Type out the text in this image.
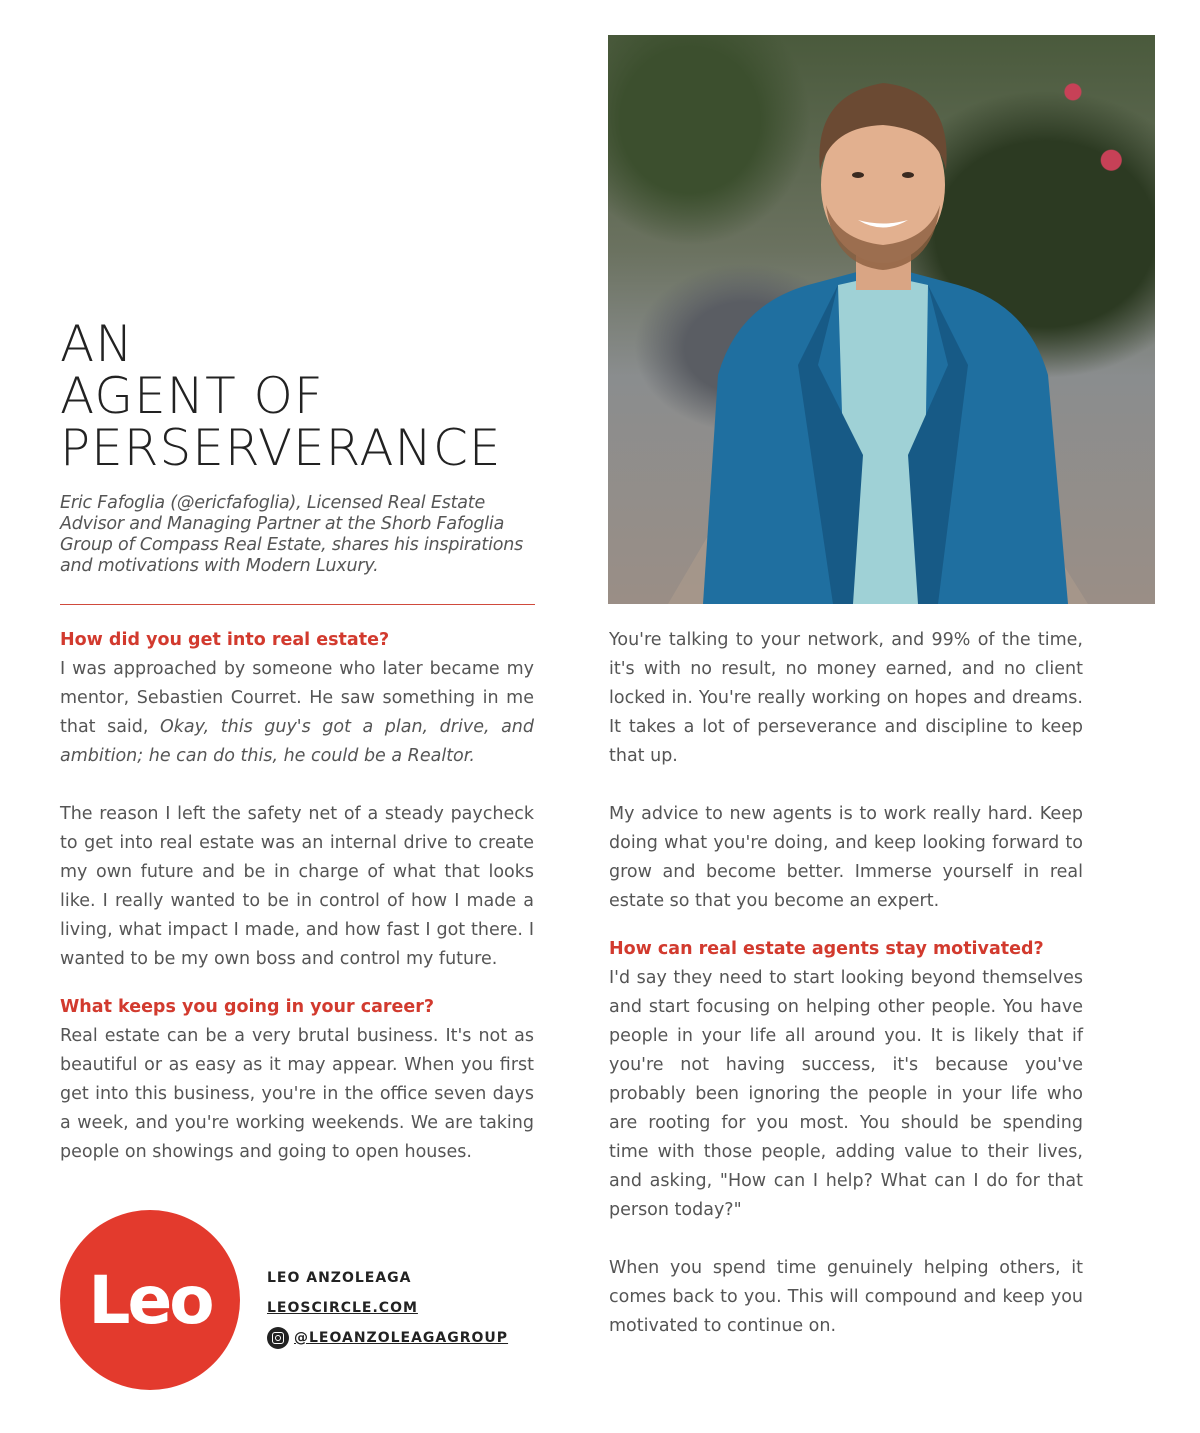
AN
AGENT OF
PERSERVERANCE
Eric Fafoglia (@ericfafoglia), Licensed Real Estate Advisor and Managing Partner at the Shorb Fafoglia Group of Compass Real Estate, shares his inspirations and motivations with Modern Luxury.
How did you get into real estate?

I was approached by someone who later became my mentor, Sebastien Courret. He saw something in me that said, Okay, this guy's got a plan, drive, and ambition; he can do this, he could be a Realtor.

The reason I left the safety net of a steady paycheck to get into real estate was an internal drive to create my own future and be in charge of what that looks like. I really wanted to be in control of how I made a living, what impact I made, and how fast I got there. I wanted to be my own boss and control my future.

What keeps you going in your career?

Real estate can be a very brutal business. It's not as beautiful or as easy as it may appear. When you first get into this business, you're in the office seven days a week, and you're working weekends. We are taking people on showings and going to open houses.

You're talking to your network, and 99% of the time, it's with no result, no money earned, and no client locked in. You're really working on hopes and dreams. It takes a lot of perseverance and discipline to keep that up.

My advice to new agents is to work really hard. Keep doing what you're doing, and keep looking forward to grow and become better. Immerse yourself in real estate so that you become an expert.

How can real estate agents stay motivated?

I'd say they need to start looking beyond themselves and start focusing on helping other people. You have people in your life all around you. It is likely that if you're not having success, it's because you've probably been ignoring the people in your life who are rooting for you most. You should be spending time with those people, adding value to their lives, and asking, "How can I help? What can I do for that person today?"

When you spend time genuinely helping others, it comes back to you. This will compound and keep you motivated to continue on.

Leo	LEO ANZOLEAGA
LEOSCIRCLE.COM
@LEOANZOLEAGAGROUP
